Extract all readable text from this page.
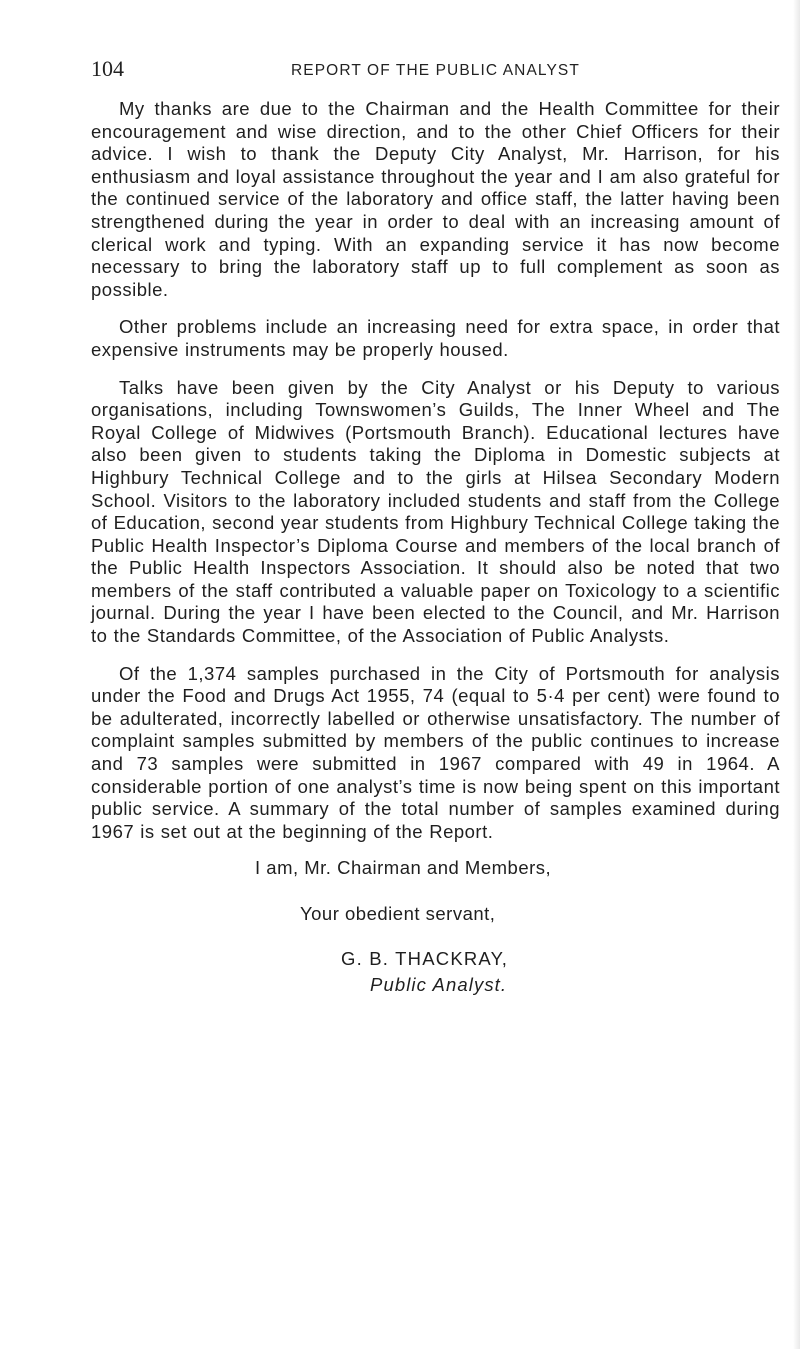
104	REPORT OF THE PUBLIC ANALYST

My thanks are due to the Chairman and the Health Committee for their encouragement and wise direction, and to the other Chief Officers for their advice. I wish to thank the Deputy City Analyst, Mr. Harrison, for his enthusiasm and loyal assistance throughout the year and I am also grateful for the continued service of the laboratory and office staff, the latter having been strengthened during the year in order to deal with an increasing amount of clerical work and typing. With an expanding service it has now become necessary to bring the laboratory staff up to full complement as soon as possible.

Other problems include an increasing need for extra space, in order that expensive instruments may be properly housed.

Talks have been given by the City Analyst or his Deputy to various organisations, including Townswomen’s Guilds, The Inner Wheel and The Royal College of Midwives (Portsmouth Branch). Educational lectures have also been given to students taking the Diploma in Domestic subjects at Highbury Technical College and to the girls at Hilsea Secondary Modern School. Visitors to the laboratory included students and staff from the College of Education, second year students from Highbury Technical College taking the Public Health Inspector’s Diploma Course and members of the local branch of the Public Health Inspectors Association. It should also be noted that two members of the staff contributed a valuable paper on Toxicology to a scientific journal. During the year I have been elected to the Council, and Mr. Harrison to the Standards Committee, of the Association of Public Analysts.

Of the 1,374 samples purchased in the City of Portsmouth for analysis under the Food and Drugs Act 1955, 74 (equal to 5·4 per cent) were found to be adulterated, incorrectly labelled or otherwise unsatisfactory. The number of complaint samples submitted by members of the public continues to increase and 73 samples were submitted in 1967 compared with 49 in 1964. A considerable portion of one analyst’s time is now being spent on this important public service. A summary of the total number of samples examined during 1967 is set out at the beginning of the Report.

I am, Mr. Chairman and Members,
Your obedient servant,
G. B. THACKRAY,
Public Analyst.
